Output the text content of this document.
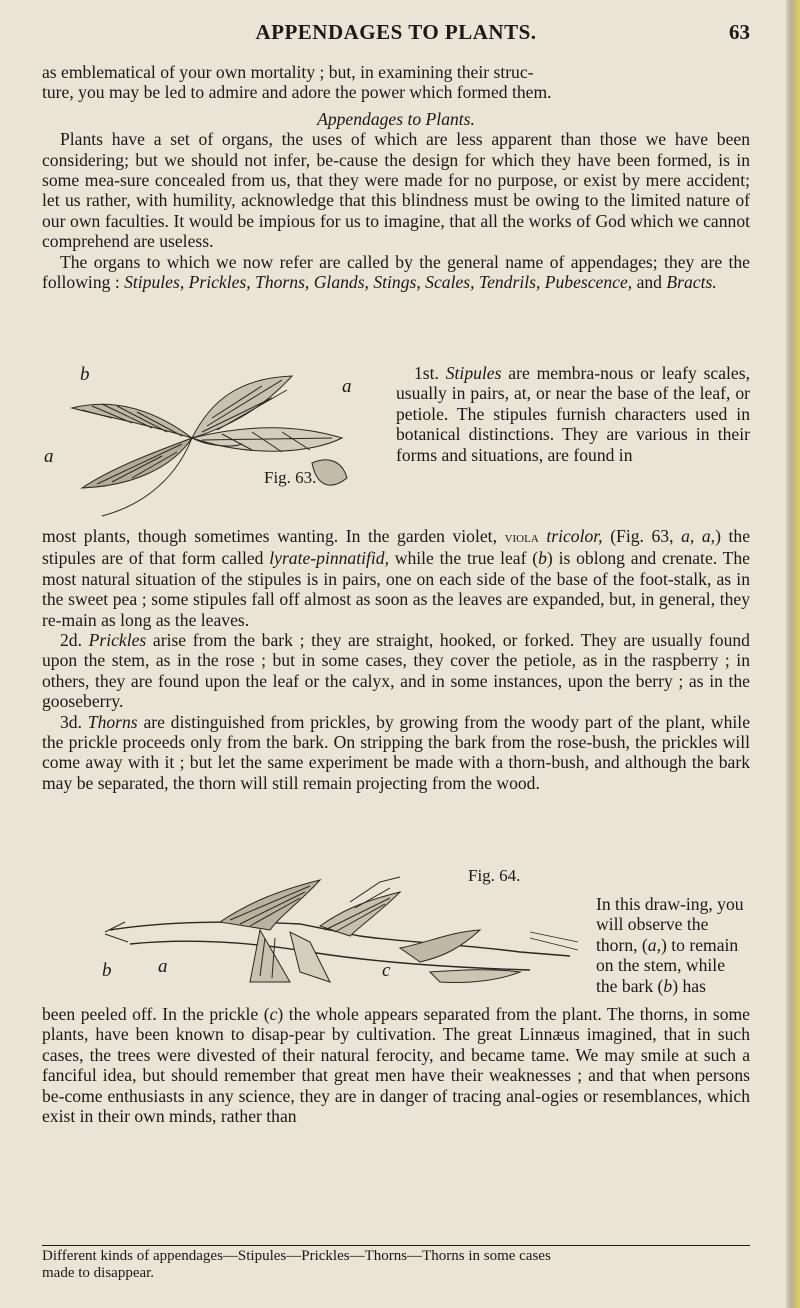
APPENDAGES TO PLANTS.	63

as emblematical of your own mortality ; but, in examining their struc-

ture, you may be led to admire and adore the power which formed them.

Appendages to Plants.

Plants have a set of organs, the uses of which are less apparent than those we have been considering; but we should not infer, be-cause the design for which they have been formed, is in some mea-sure concealed from us, that they were made for no purpose, or exist by mere accident; let us rather, with humility, acknowledge that this blindness must be owing to the limited nature of our own faculties. It would be impious for us to imagine, that all the works of God which we cannot comprehend are useless.

The organs to which we now refer are called by the general name of appendages; they are the following : Stipules, Prickles, Thorns, Glands, Stings, Scales, Tendrils, Pubescence, and Bracts.

b
a
a
Fig. 63.

1st. Stipules are membra-nous or leafy scales, usually in pairs, at, or near the base of the leaf, or petiole. The stipules furnish characters used in botanical distinctions. They are various in their forms and situations, are found in

most plants, though sometimes wanting. In the garden violet, viola tricolor, (Fig. 63, a, a,) the stipules are of that form called lyrate-pinnatifid, while the true leaf (b) is oblong and crenate. The most natural situation of the stipules is in pairs, one on each side of the base of the foot-stalk, as in the sweet pea ; some stipules fall off almost as soon as the leaves are expanded, but, in general, they re-main as long as the leaves.

2d. Prickles arise from the bark ; they are straight, hooked, or forked. They are usually found upon the stem, as in the rose ; but in some cases, they cover the petiole, as in the raspberry ; in others, they are found upon the leaf or the calyx, and in some instances, upon the berry ; as in the gooseberry.

3d. Thorns are distinguished from prickles, by growing from the woody part of the plant, while the prickle proceeds only from the bark. On stripping the bark from the rose-bush, the prickles will come away with it ; but let the same experiment be made with a thorn-bush, and although the bark may be separated, the thorn will still remain projecting from the wood.

b a	c
Fig. 64.

In this draw-ing, you will observe the thorn, (a,) to remain on the stem, while the bark (b) has

been peeled off. In the prickle (c) the whole appears separated from the plant. The thorns, in some plants, have been known to disap-pear by cultivation. The great Linnæus imagined, that in such cases, the trees were divested of their natural ferocity, and became tame. We may smile at such a fanciful idea, but should remember that great men have their weaknesses ; and that when persons be-come enthusiasts in any science, they are in danger of tracing anal-ogies or resemblances, which exist in their own minds, rather than

Different kinds of appendages—Stipules—Prickles—Thorns—Thorns in some cases
made to disappear.
